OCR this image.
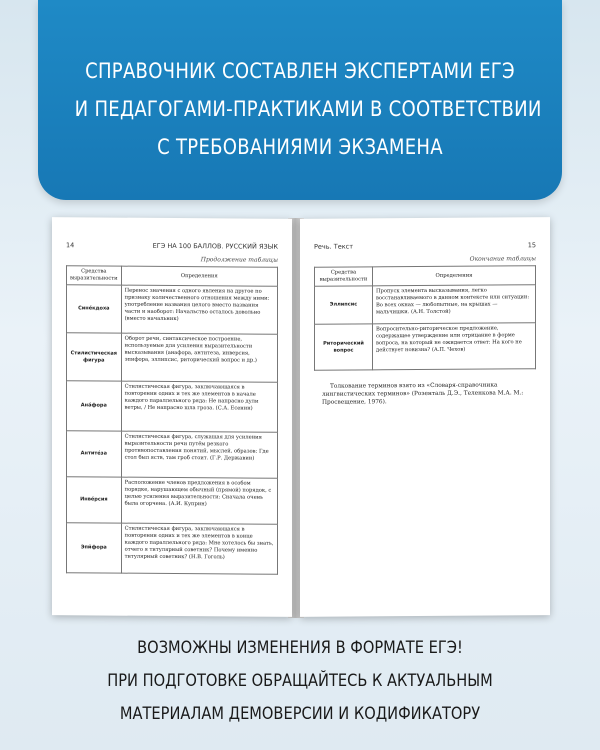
СПРАВОЧНИК СОСТАВЛЕН ЭКСПЕРТАМИ ЕГЭ
И ПЕДАГОГАМИ-ПРАКТИКАМИ В СООТВЕТСТВИИ
С ТРЕБОВАНИЯМИ ЭКЗАМЕНА
14	ЕГЭ НА 100 БАЛЛОВ. РУССКИЙ ЯЗЫК
Продолжение таблицы
Средства выразительности	Определения
Синéкдоха	Перенос значения с одного явления на другое по признаку количественного отношения между ними: употребление названия целого вместо названия части и наоборот: Начальство осталось довольно (вместо начальник)
Стилистическая фигура	Оборот речи, синтаксическое построение, используемые для усиления выразительности высказывания (анафора, антитеза, инверсия, эпифора, эллипсис, риторический вопрос и др.)
Анáфора	Стилистическая фигура, заключающаяся в повторении одних и тех же элементов в начале каждого параллельного ряда: Не напрасно дули ветры, / Не напрасно шла гроза. (С.А. Есенин)
Антитéза	Стилистическая фигура, служащая для усиления выразительности речи путём резкого противопоставления понятий, мыслей, образов: Где стол был яств, там гроб стоит. (Г.Р. Державин)
Инвéрсия	Расположение членов предложения в особом порядке, нарушающем обычный (прямой) порядок, с целью усиления выразительности: Сначала очень была огорчена. (А.И. Куприн)
Эпи́фора	Стилистическая фигура, заключающаяся в повторении одних и тех же элементов в конце каждого параллельного ряда: Мне хотелось бы знать, отчего я титулярный советник? Почему именно титулярный советник? (Н.В. Гоголь)
Речь. Текст	15
Окончание таблицы
Средства выразительности	Определения
Эллипсис	Пропуск элемента высказывания, легко восстанавливаемого в данном контексте или ситуации: Во всех окнах — любопытные, на крышах — мальчишки. (А.Н. Толстой)
Риторический вопрос	Вопросительно-риторическое предложение, содержащее утверждение или отрицание в форме вопроса, на который не ожидается ответ: На кого не действует новизна? (А.П. Чехов)
Толкование терминов взято из «Словаря-справочника лингвистических терминов» (Розенталь Д.Э., Теленкова М.А. М.: Просвещение, 1976).
ВОЗМОЖНЫ ИЗМЕНЕНИЯ В ФОРМАТЕ ЕГЭ!
ПРИ ПОДГОТОВКЕ ОБРАЩАЙТЕСЬ К АКТУАЛЬНЫМ
МАТЕРИАЛАМ ДЕМОВЕРСИИ И КОДИФИКАТОРУ
